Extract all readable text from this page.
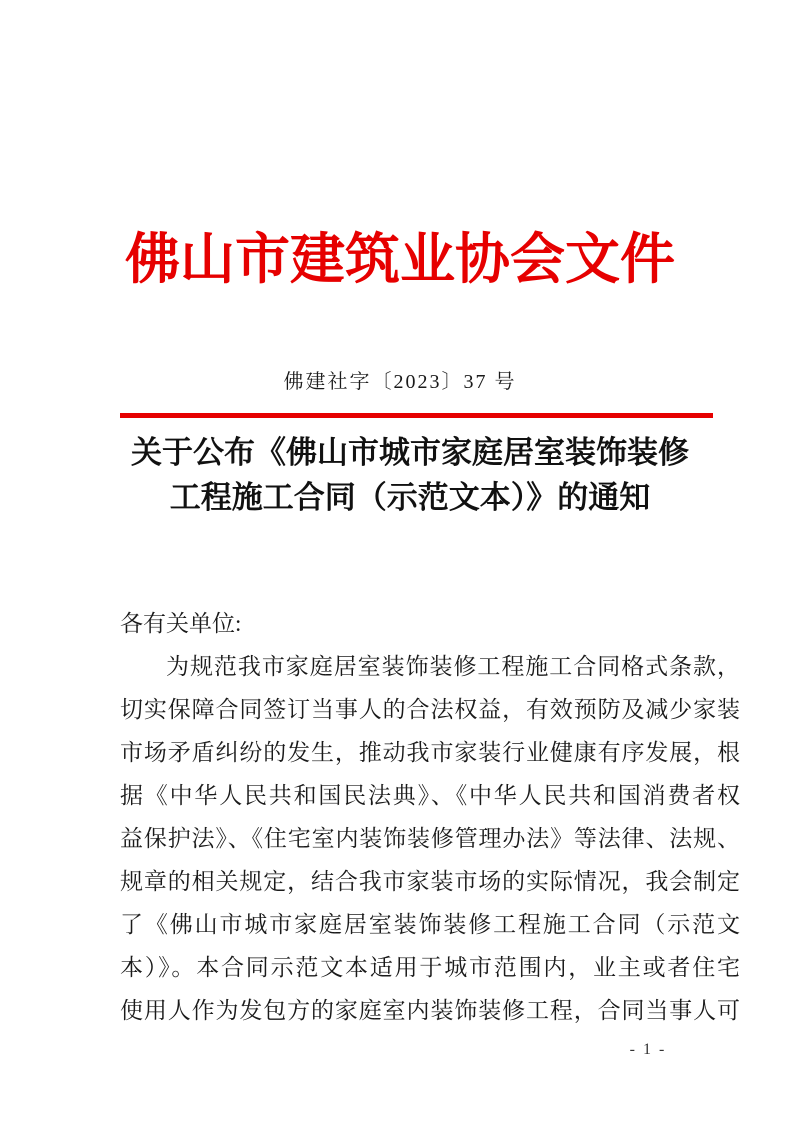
佛山市建筑业协会文件
佛建社字〔2023〕37 号
关于公布《佛山市城市家庭居室装饰装修
工程施工合同（示范文本）》的通知
各有关单位:
为规范我市家庭居室装饰装修工程施工合同格式条款，
切实保障合同签订当事人的合法权益，有效预防及减少家装
市场矛盾纠纷的发生，推动我市家装行业健康有序发展，根
据《中华人民共和国民法典》、《中华人民共和国消费者权
益保护法》、《住宅室内装饰装修管理办法》等法律、法规、
规章的相关规定，结合我市家装市场的实际情况，我会制定
了《佛山市城市家庭居室装饰装修工程施工合同（示范文
本）》。本合同示范文本适用于城市范围内，业主或者住宅
使用人作为发包方的家庭室内装饰装修工程，合同当事人可
- 1 -
